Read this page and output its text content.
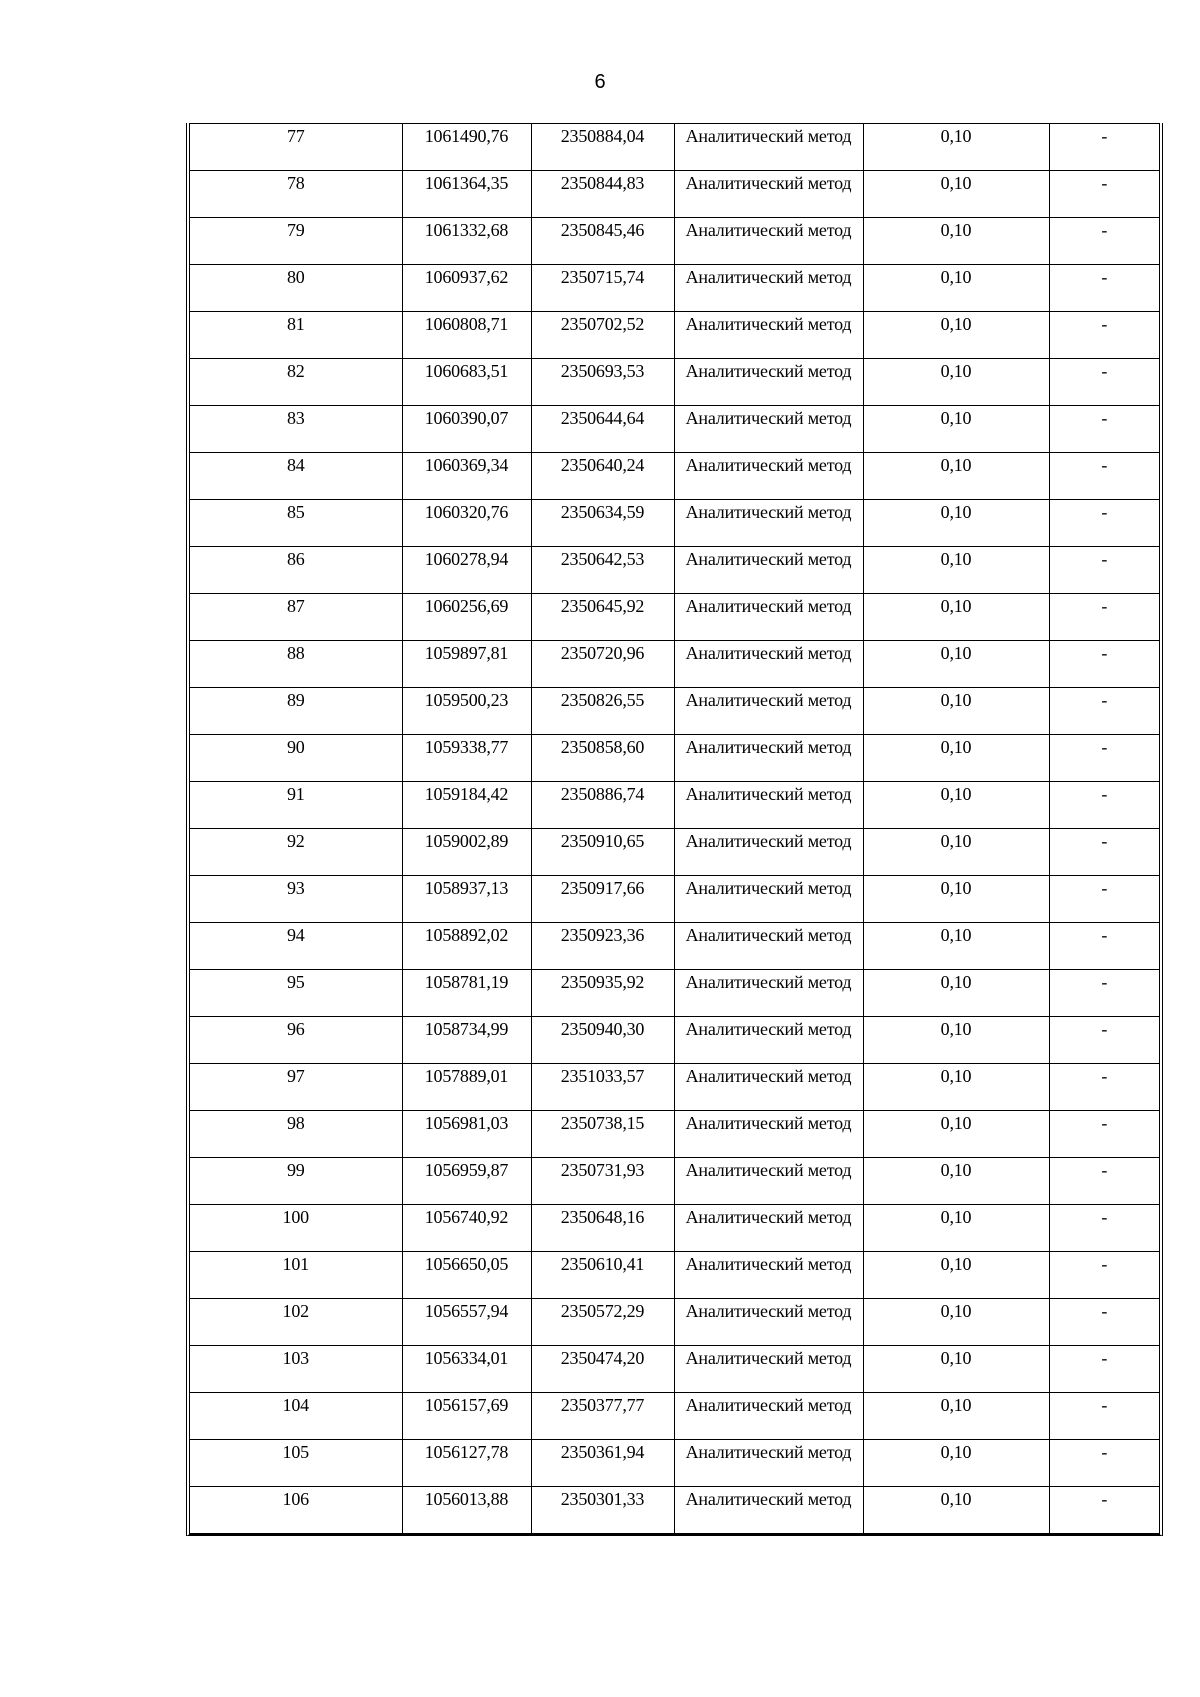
6
77	1061490,76	2350884,04	Аналитический метод	0,10	-
78	1061364,35	2350844,83	Аналитический метод	0,10	-
79	1061332,68	2350845,46	Аналитический метод	0,10	-
80	1060937,62	2350715,74	Аналитический метод	0,10	-
81	1060808,71	2350702,52	Аналитический метод	0,10	-
82	1060683,51	2350693,53	Аналитический метод	0,10	-
83	1060390,07	2350644,64	Аналитический метод	0,10	-
84	1060369,34	2350640,24	Аналитический метод	0,10	-
85	1060320,76	2350634,59	Аналитический метод	0,10	-
86	1060278,94	2350642,53	Аналитический метод	0,10	-
87	1060256,69	2350645,92	Аналитический метод	0,10	-
88	1059897,81	2350720,96	Аналитический метод	0,10	-
89	1059500,23	2350826,55	Аналитический метод	0,10	-
90	1059338,77	2350858,60	Аналитический метод	0,10	-
91	1059184,42	2350886,74	Аналитический метод	0,10	-
92	1059002,89	2350910,65	Аналитический метод	0,10	-
93	1058937,13	2350917,66	Аналитический метод	0,10	-
94	1058892,02	2350923,36	Аналитический метод	0,10	-
95	1058781,19	2350935,92	Аналитический метод	0,10	-
96	1058734,99	2350940,30	Аналитический метод	0,10	-
97	1057889,01	2351033,57	Аналитический метод	0,10	-
98	1056981,03	2350738,15	Аналитический метод	0,10	-
99	1056959,87	2350731,93	Аналитический метод	0,10	-
100	1056740,92	2350648,16	Аналитический метод	0,10	-
101	1056650,05	2350610,41	Аналитический метод	0,10	-
102	1056557,94	2350572,29	Аналитический метод	0,10	-
103	1056334,01	2350474,20	Аналитический метод	0,10	-
104	1056157,69	2350377,77	Аналитический метод	0,10	-
105	1056127,78	2350361,94	Аналитический метод	0,10	-
106	1056013,88	2350301,33	Аналитический метод	0,10	-
